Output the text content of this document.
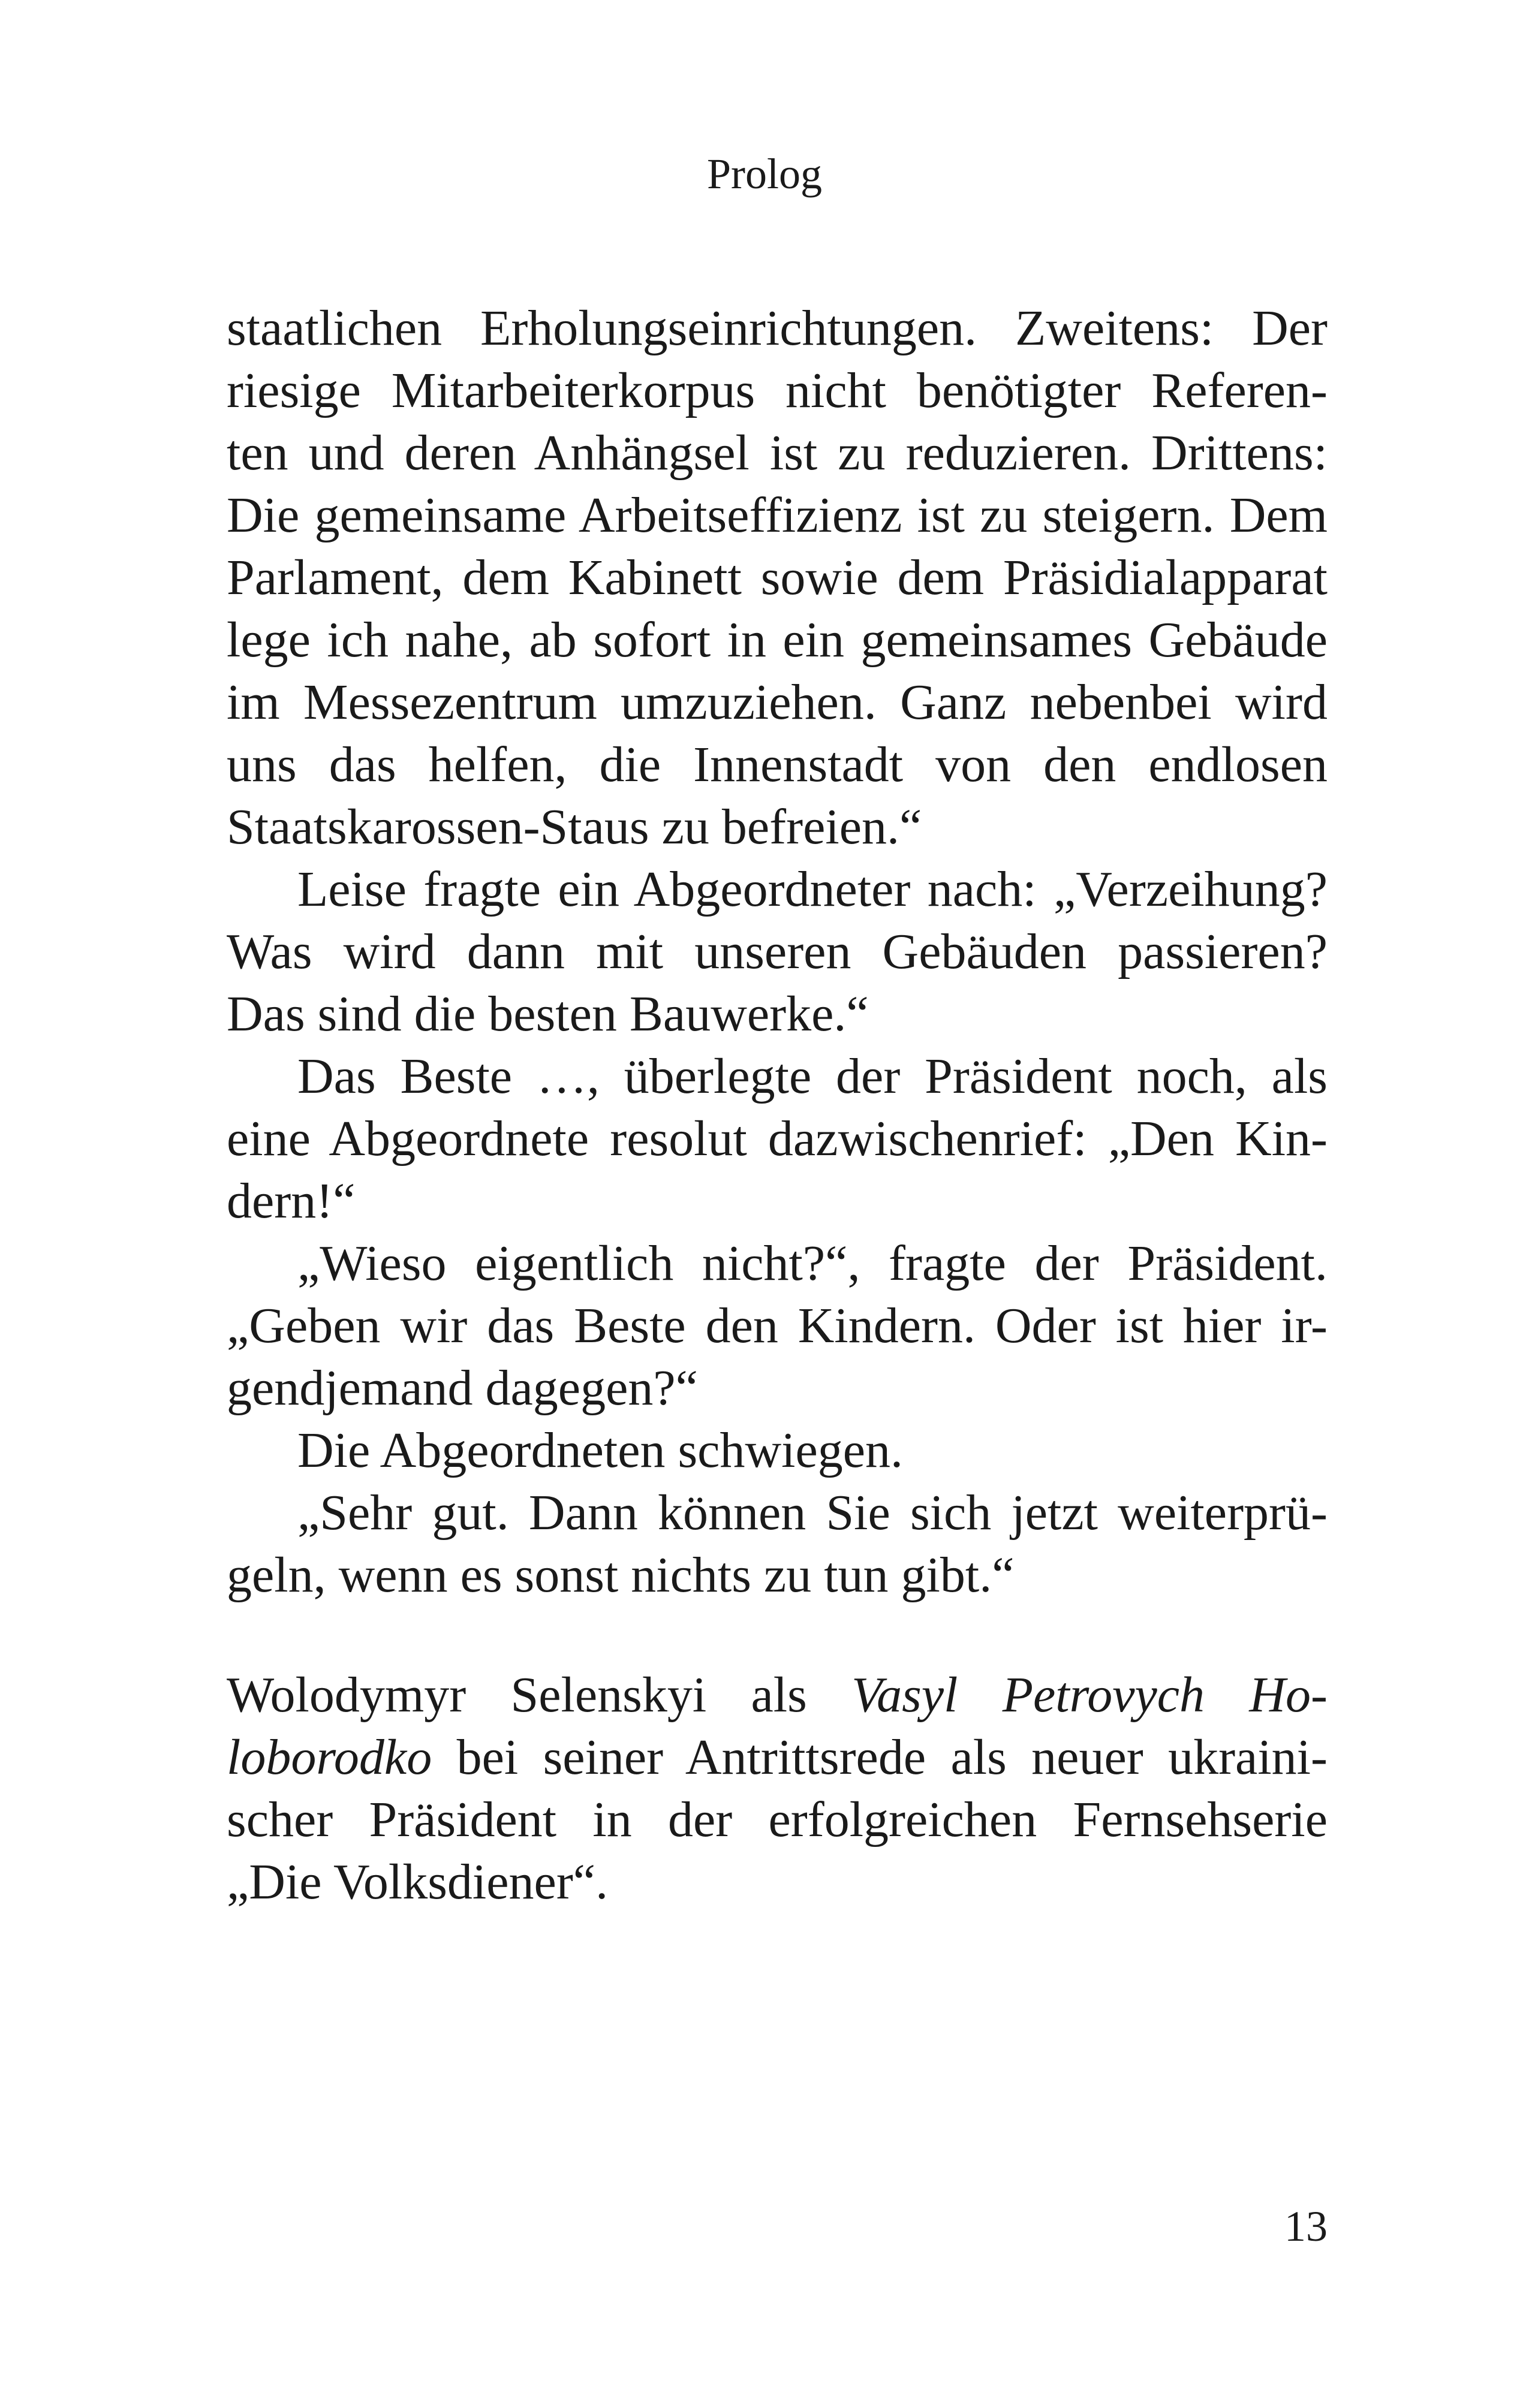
Prolog
staatlichen Erholungseinrichtungen. Zweitens: Der
riesige Mitarbeiterkorpus nicht benötigter Referen-
ten und deren Anhängsel ist zu reduzieren. Drittens:
Die gemeinsame Arbeitseffizienz ist zu steigern. Dem
Parlament, dem Kabinett sowie dem Präsidialapparat
lege ich nahe, ab sofort in ein gemeinsames Gebäude
im Messezentrum umzuziehen. Ganz nebenbei wird
uns das helfen, die Innenstadt von den endlosen
Staatskarossen-Staus zu befreien.“
Leise fragte ein Abgeordneter nach: „Verzeihung?
Was wird dann mit unseren Gebäuden passieren?
Das sind die besten Bauwerke.“
Das Beste …, überlegte der Präsident noch, als
eine Abgeordnete resolut dazwischenrief: „Den Kin-
dern!“
„Wieso eigentlich nicht?“, fragte der Präsident.
„Geben wir das Beste den Kindern. Oder ist hier ir-
gendjemand dagegen?“
Die Abgeordneten schwiegen.
„Sehr gut. Dann können Sie sich jetzt weiterprü-
geln, wenn es sonst nichts zu tun gibt.“
Wolodymyr Selenskyi als Vasyl Petrovych Ho-
loborodko bei seiner Antrittsrede als neuer ukraini-
scher Präsident in der erfolgreichen Fernsehserie
„Die Volksdiener“.
13
